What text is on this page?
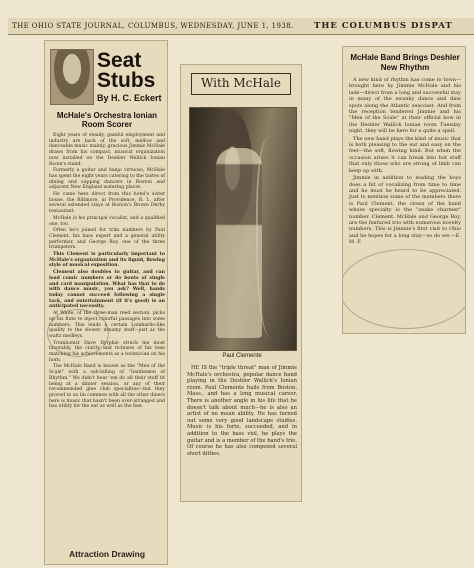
THE OHIO STATE JOURNAL, COLUMBUS, WEDNESDAY, JUNE 1, 1938.	THE COLUMBUS DISPAT
Seat Stubs
By H. C. Eckert
McHale's Orchestra Ionian Room Scorer

Eight years of steady, gainful employment and industry are back of the soft, mellow and danceable music mainly, gracious Jimmie McHale draws from his compact, musical organization now installed on the Deshler Wallick Ionian Room's stand.

Formerly a guitar and banjo virtuoso, McHale has spent the eight years catering to the tastes of dining and supping dancers in Boston and adjacent New England watering places.

He came here direct from this hotel's sister house, the Biltmore, in Providence, R. I., after several extended stays at Boston's Brown Derby restaurant.

McHale is his principal vocalist, and a qualified one, too.

Often he's joined for trim numbers by Paul Clement, his bass expert and a general utility performer, and George Roy, one of the three trumpeters.

This Clement is particularly important to McHale's organization and its liquid, flowing style of musical exposition.

Clement also doubles to guitar, and can lead comic numbers or do bouts of single and card manipulation. What has that to do with dance music, you ask? Well, hands today cannot succeed following a single tack, and entertainment (if it's good) is an anticipated necessity.

At Waite, of the three-man reed section, picks up his flute to inject colorful passages into some numbers. This lends a certain Lombardo-like quality to the slower, dreamy stuff—just as the waltz medleys.

Trombonist Dave Dyrphie struck me most favorably, the clarity and richness of his tone matching his achievements as a technician on his horn.

The McHale Band is known as the "Men of the Scale" with a sub-billing of "Gentlemen of Rhythm." We didn't hear 'em do all their stuff tit being at a dinner session, or any of their recommended glee club specialties—but they proved to us tin common with all the other diners here is music that hasn't been over-arranged and has utility for the ear as well as the feet.

Attraction Drawing
With McHale
Paul Clemente

HE IS the "triple threat" man of Jimmie McHale's orchestra, popular dance band playing in the Deshler Wallick's Ionian room. Paul Clemente hails from Boston, Mass., and has a long musical career. There is another angle in his life that he doesn't talk about much—he is also an artist of no mean ability. He has turned out some very good landscape studies. Music is his forte, succeeded, and in addition to the bass viol, he plays the guitar and is a member of the band's trio. Of course he has also composed several short ditties.

McHale Band Brings Deshler New Rhythm

A new kind of rhythm has come to town—brought here by Jimmie McHale and his lads—direct from a long and successful stay in many of the swanky dance and dine spots along the Atlantic seacoast. And from the reception tendered Jimmie and his "Men of the Scale" at their official bow in the Deshler Wallick Ionian room Tuesday night, they will be here for a quite a spell.

The new band plays the kind of music that is both pleasing to the ear and easy on the feet—the soft, flowing kind. But when the occasion arises it can break into hot stuff that only those who are strong of limb can keep up with.

Jimmie in addition to leading the boys does a bit of vocalizing from time to time and he must be heard to be appreciated. Just to mention some of the members there is Paul Clement, the clown of the band whose specialty is the "snake charmer" number. Clement, McHale and George Roy, are the featured trio with numerous novelty numbers. This is Jimmie's first visit to Ohio and he hopes for a long stay—so do we.—E. M. F.
